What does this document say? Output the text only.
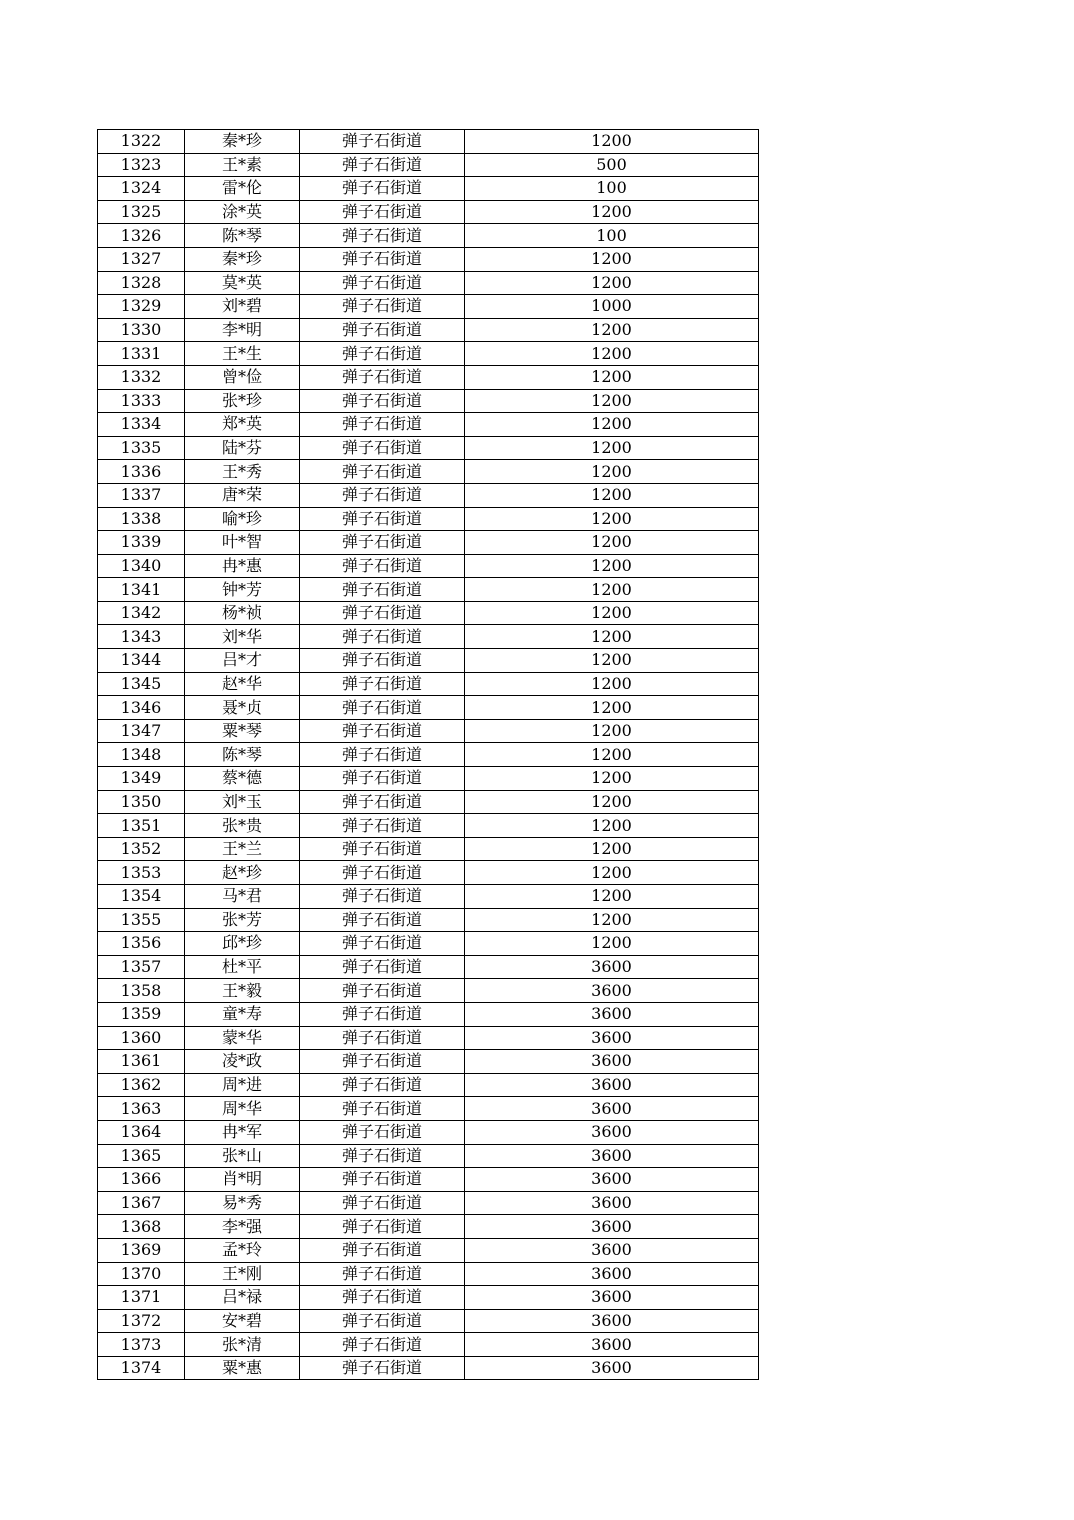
1322	秦*珍	弹子石街道	1200
1323	王*素	弹子石街道	500
1324	雷*伦	弹子石街道	100
1325	涂*英	弹子石街道	1200
1326	陈*琴	弹子石街道	100
1327	秦*珍	弹子石街道	1200
1328	莫*英	弹子石街道	1200
1329	刘*碧	弹子石街道	1000
1330	李*明	弹子石街道	1200
1331	王*生	弹子石街道	1200
1332	曾*俭	弹子石街道	1200
1333	张*珍	弹子石街道	1200
1334	郑*英	弹子石街道	1200
1335	陆*芬	弹子石街道	1200
1336	王*秀	弹子石街道	1200
1337	唐*荣	弹子石街道	1200
1338	喻*珍	弹子石街道	1200
1339	叶*智	弹子石街道	1200
1340	冉*惠	弹子石街道	1200
1341	钟*芳	弹子石街道	1200
1342	杨*祯	弹子石街道	1200
1343	刘*华	弹子石街道	1200
1344	吕*才	弹子石街道	1200
1345	赵*华	弹子石街道	1200
1346	聂*贞	弹子石街道	1200
1347	粟*琴	弹子石街道	1200
1348	陈*琴	弹子石街道	1200
1349	蔡*德	弹子石街道	1200
1350	刘*玉	弹子石街道	1200
1351	张*贵	弹子石街道	1200
1352	王*兰	弹子石街道	1200
1353	赵*珍	弹子石街道	1200
1354	马*君	弹子石街道	1200
1355	张*芳	弹子石街道	1200
1356	邱*珍	弹子石街道	1200
1357	杜*平	弹子石街道	3600
1358	王*毅	弹子石街道	3600
1359	童*寿	弹子石街道	3600
1360	蒙*华	弹子石街道	3600
1361	凌*政	弹子石街道	3600
1362	周*进	弹子石街道	3600
1363	周*华	弹子石街道	3600
1364	冉*军	弹子石街道	3600
1365	张*山	弹子石街道	3600
1366	肖*明	弹子石街道	3600
1367	易*秀	弹子石街道	3600
1368	李*强	弹子石街道	3600
1369	孟*玲	弹子石街道	3600
1370	王*刚	弹子石街道	3600
1371	吕*禄	弹子石街道	3600
1372	安*碧	弹子石街道	3600
1373	张*清	弹子石街道	3600
1374	粟*惠	弹子石街道	3600
